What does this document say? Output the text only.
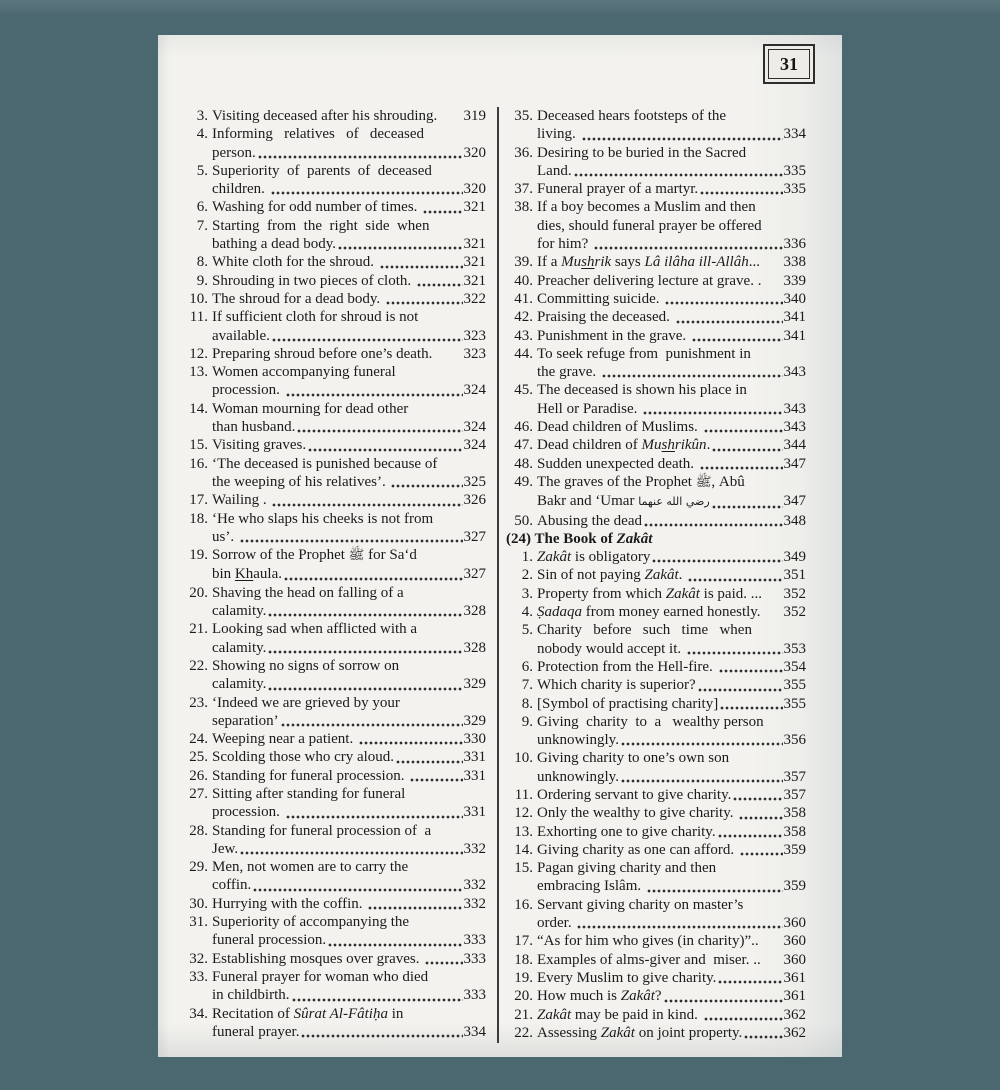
31
3. Visiting deceased after his shrouding. 319
4. Informing   relatives   of   deceased
person.	320
5. Superiority  of  parents  of  deceased
children.	320
6. Washing for odd number of times.	321
7. Starting  from  the  right  side  when
bathing a dead body.	321
8. White cloth for the shroud.	321
9. Shrouding in two pieces of cloth.	321
10. The shroud for a dead body.	322
11. If sufficient cloth for shroud is not
available.	323
12. Preparing shroud before one’s death. 323
13. Women accompanying funeral
procession.	324
14. Woman mourning for dead other
than husband.	324
15. Visiting graves.	324
16. ‘The deceased is punished because of
the weeping of his relatives’.	325
17. Wailing .	326
18. ‘He who slaps his cheeks is not from
us’.	327
19. Sorrow of the Prophet ﷺ for Sa‘d
bin Khaula.	327
20. Shaving the head on falling of a
calamity.	328
21. Looking sad when afflicted with a
calamity.	328
22. Showing no signs of sorrow on
calamity.	329
23. ‘Indeed we are grieved by your
separation’	329
24. Weeping near a patient.	330
25. Scolding those who cry aloud.	331
26. Standing for funeral procession.	331
27. Sitting after standing for funeral
procession.	331
28. Standing for funeral procession of  a
Jew.	332
29. Men, not women are to carry the
coffin.	332
30. Hurrying with the coffin.	332
31. Superiority of accompanying the
funeral procession.	333
32. Establishing mosques over graves.	333
33. Funeral prayer for woman who died
in childbirth.	333
34. Recitation of Sûrat Al-Fâtiḥa in
funeral prayer.	334
35. Deceased hears footsteps of the
living.	334
36. Desiring to be buried in the Sacred
Land.	335
37. Funeral prayer of a martyr.	335
38. If a boy becomes a Muslim and then
dies, should funeral prayer be offered
for him?	336
39. If a Mushrik says Lâ ilâha ill-Allâh... 338
40. Preacher delivering lecture at grave. . 339
41. Committing suicide.	340
42. Praising the deceased.	341
43. Punishment in the grave.	341
44. To seek refuge from  punishment in
the grave.	343
45. The deceased is shown his place in
Hell or Paradise.	343
46. Dead children of Muslims.	343
47. Dead children of Mushrikûn.	344
48. Sudden unexpected death.	347
49. The graves of the Prophet ﷺ, Abû
Bakr and ‘Umar رضي الله عنهما	347
50. Abusing the dead	348
(24) The Book of Zakât
1. Zakât is obligatory	349
2. Sin of not paying Zakât.	351
3. Property from which Zakât is paid. ... 352
4. Ṣadaqa from money earned honestly. 352
5. Charity   before   such   time   when
nobody would accept it.	353
6. Protection from the Hell-fire.	354
7. Which charity is superior?	355
8. [Symbol of practising charity]	355
9. Giving  charity  to  a   wealthy person
unknowingly.	356
10. Giving charity to one’s own son
unknowingly.	357
11. Ordering servant to give charity.	357
12. Only the wealthy to give charity.	358
13. Exhorting one to give charity.	358
14. Giving charity as one can afford.	359
15. Pagan giving charity and then
embracing Islâm.	359
16. Servant giving charity on master’s
order.	360
17. “As for him who gives (in charity)”.. 360
18. Examples of alms-giver and  miser. .. 360
19. Every Muslim to give charity.	361
20. How much is Zakât?	361
21. Zakât may be paid in kind.	362
22. Assessing Zakât on joint property.	362
